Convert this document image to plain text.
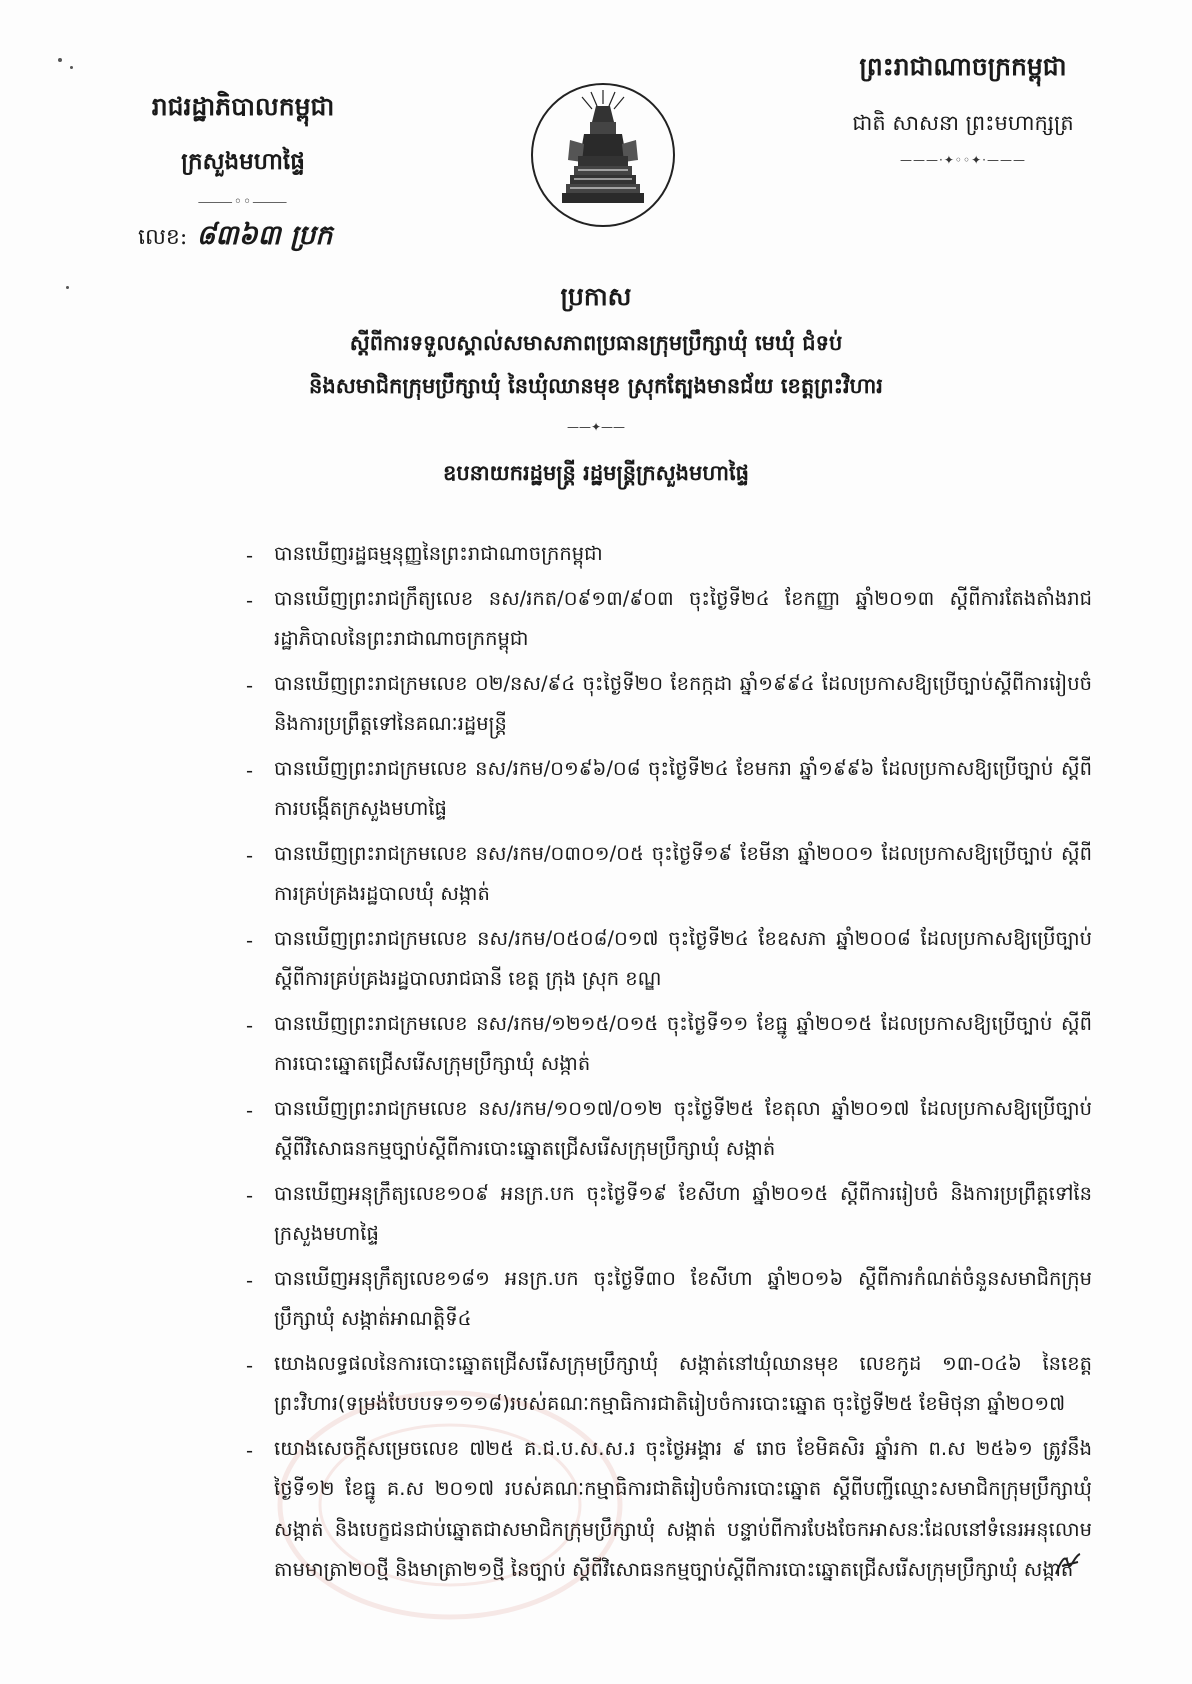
រាជរដ្ឋាភិបាលកម្ពុជា
ក្រសួងមហាផ្ទៃ
⸻◦◦⸻
លេខ: ៨៣៦៣ ប្រក
ព្រះរាជាណាចក្រកម្ពុជា
ជាតិ សាសនា ព្រះមហាក្សត្រ
———·✦◦◦✦·———
ប្រកាស
ស្តីពីការទទួលស្គាល់សមាសភាពប្រធានក្រុមប្រឹក្សាឃុំ មេឃុំ ជំទប់
និងសមាជិកក្រុមប្រឹក្សាឃុំ នៃឃុំឈានមុខ ស្រុកត្បែងមានជ័យ ខេត្តព្រះវិហារ
——✦——
ឧបនាយករដ្ឋមន្ត្រី រដ្ឋមន្ត្រីក្រសួងមហាផ្ទៃ
- បានឃើញរដ្ឋធម្មនុញ្ញនៃព្រះរាជាណាចក្រកម្ពុជា
- បានឃើញព្រះរាជក្រឹត្យលេខ នស/រកត/០៩១៣/៩០៣ ចុះថ្ងៃទី២៤ ខែកញ្ញា ឆ្នាំ២០១៣ ស្តីពីការតែងតាំងរាជរដ្ឋាភិបាលនៃព្រះរាជាណាចក្រកម្ពុជា
- បានឃើញព្រះរាជក្រមលេខ ០២/នស/៩៤ ចុះថ្ងៃទី២០ ខែកក្កដា ឆ្នាំ១៩៩៤ ដែលប្រកាសឱ្យប្រើច្បាប់ស្តីពីការរៀបចំ និងការប្រព្រឹត្តទៅនៃគណៈរដ្ឋមន្ត្រី
- បានឃើញព្រះរាជក្រមលេខ នស/រកម/០១៩៦/០៨ ចុះថ្ងៃទី២៤ ខែមករា ឆ្នាំ១៩៩៦ ដែលប្រកាសឱ្យប្រើច្បាប់ ស្តីពីការបង្កើតក្រសួងមហាផ្ទៃ
- បានឃើញព្រះរាជក្រមលេខ នស/រកម/០៣០១/០៥ ចុះថ្ងៃទី១៩ ខែមីនា ឆ្នាំ២០០១ ដែលប្រកាសឱ្យប្រើច្បាប់ ស្តីពីការគ្រប់គ្រងរដ្ឋបាលឃុំ សង្កាត់
- បានឃើញព្រះរាជក្រមលេខ នស/រកម/០៥០៨/០១៧ ចុះថ្ងៃទី២៤ ខែឧសភា ឆ្នាំ២០០៨ ដែលប្រកាសឱ្យប្រើច្បាប់ ស្តីពីការគ្រប់គ្រងរដ្ឋបាលរាជធានី ខេត្ត ក្រុង ស្រុក ខណ្ឌ
- បានឃើញព្រះរាជក្រមលេខ នស/រកម/១២១៥/០១៥ ចុះថ្ងៃទី១១ ខែធ្នូ ឆ្នាំ២០១៥ ដែលប្រកាសឱ្យប្រើច្បាប់ ស្តីពីការបោះឆ្នោតជ្រើសរើសក្រុមប្រឹក្សាឃុំ សង្កាត់
- បានឃើញព្រះរាជក្រមលេខ នស/រកម/១០១៧/០១២ ចុះថ្ងៃទី២៥ ខែតុលា ឆ្នាំ២០១៧ ដែលប្រកាសឱ្យប្រើច្បាប់ ស្តីពីវិសោធនកម្មច្បាប់ស្តីពីការបោះឆ្នោតជ្រើសរើសក្រុមប្រឹក្សាឃុំ សង្កាត់
- បានឃើញអនុក្រឹត្យលេខ១០៩ អនក្រ.បក ចុះថ្ងៃទី១៩ ខែសីហា ឆ្នាំ២០១៥ ស្តីពីការរៀបចំ និងការប្រព្រឹត្តទៅនៃក្រសួងមហាផ្ទៃ
- បានឃើញអនុក្រឹត្យលេខ១៨១ អនក្រ.បក ចុះថ្ងៃទី៣០ ខែសីហា ឆ្នាំ២០១៦ ស្តីពីការកំណត់ចំនួនសមាជិកក្រុមប្រឹក្សាឃុំ សង្កាត់អាណត្តិទី៤
- យោងលទ្ធផលនៃការបោះឆ្នោតជ្រើសរើសក្រុមប្រឹក្សាឃុំ សង្កាត់នៅឃុំឈានមុខ លេខកូដ ១៣-០៤៦ នៃខេត្តព្រះវិហារ(ទម្រង់បែបបទ១១១៨)របស់គណៈកម្មាធិការជាតិរៀបចំការបោះឆ្នោត ចុះថ្ងៃទី២៥ ខែមិថុនា ឆ្នាំ២០១៧
- យោងសេចក្តីសម្រេចលេខ ៧២៥ គ.ជ.ប.ស.ស.រ ចុះថ្ងៃអង្គារ ៩ រោច ខែមិគសិរ ឆ្នាំរកា ព.ស ២៥៦១ ត្រូវនឹងថ្ងៃទី១២ ខែធ្នូ គ.ស ២០១៧ របស់គណៈកម្មាធិការជាតិរៀបចំការបោះឆ្នោត ស្តីពីបញ្ជីឈ្មោះសមាជិកក្រុមប្រឹក្សាឃុំ សង្កាត់ និងបេក្ខជនជាប់ឆ្នោតជាសមាជិកក្រុមប្រឹក្សាឃុំ សង្កាត់ បន្ទាប់ពីការបែងចែកអាសនៈដែលនៅទំនេរអនុលោមតាមមាត្រា២០ថ្មី និងមាត្រា២១ថ្មី នៃច្បាប់ ស្តីពីវិសោធនកម្មច្បាប់ស្តីពីការបោះឆ្នោតជ្រើសរើសក្រុមប្រឹក្សាឃុំ សង្កាត់
